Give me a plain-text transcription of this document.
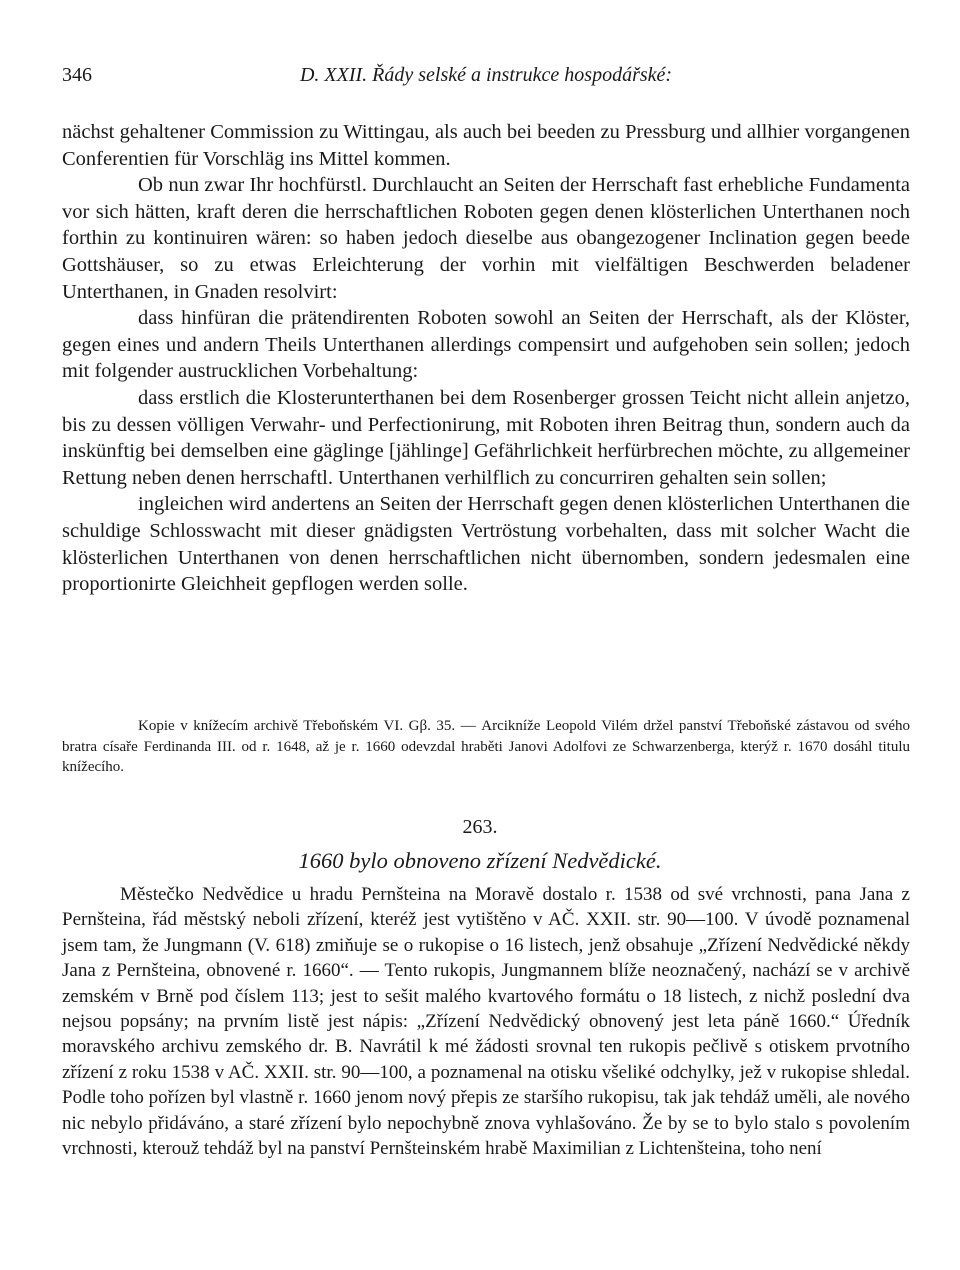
346	D. XXII. Řády selské a instrukce hospodářské:

nächst gehaltener Commission zu Wittingau, als auch bei beeden zu Pressburg und allhier vorgangenen Conferentien für Vorschläg ins Mittel kommen.

Ob nun zwar Ihr hochfürstl. Durchlaucht an Seiten der Herrschaft fast erhebliche Fundamenta vor sich hätten, kraft deren die herrschaftlichen Roboten gegen denen klösterlichen Unterthanen noch forthin zu kontinuiren wären: so haben jedoch dieselbe aus obangezogener Inclination gegen beede Gottshäuser, so zu etwas Erleichterung der vorhin mit vielfältigen Beschwerden beladener Unterthanen, in Gnaden resolvirt:

dass hinfüran die prätendirenten Roboten sowohl an Seiten der Herrschaft, als der Klöster, gegen eines und andern Theils Unterthanen allerdings compensirt und aufgehoben sein sollen; jedoch mit folgender austrucklichen Vorbehaltung:

dass erstlich die Klosterunterthanen bei dem Rosenberger grossen Teicht nicht allein anjetzo, bis zu dessen völligen Verwahr- und Perfectionirung, mit Roboten ihren Beitrag thun, sondern auch da inskünftig bei demselben eine gäglinge [jählinge] Gefährlichkeit herfürbrechen möchte, zu allgemeiner Rettung neben denen herrschaftl. Unterthanen verhilflich zu concurriren gehalten sein sollen;

ingleichen wird andertens an Seiten der Herrschaft gegen denen klösterlichen Unterthanen die schuldige Schlosswacht mit dieser gnädigsten Vertröstung vorbehalten, dass mit solcher Wacht die klösterlichen Unterthanen von denen herrschaftlichen nicht übernomben, sondern jedesmalen eine proportionirte Gleichheit gepflogen werden solle.

Kopie v knížecím archivě Třeboňském VI. Gβ. 35. — Arcikníže Leopold Vilém držel panství Třeboňské zástavou od svého bratra císaře Ferdinanda III. od r. 1648, až je r. 1660 odevzdal hraběti Janovi Adolfovi ze Schwarzenberga, kterýž r. 1670 dosáhl titulu knížecího.

263.
1660 bylo obnoveno zřízení Nedvědické.

Městečko Nedvědice u hradu Pernšteina na Moravě dostalo r. 1538 od své vrchnosti, pana Jana z Pernšteina, řád městský neboli zřízení, kteréž jest vytištěno v AČ. XXII. str. 90—100. V úvodě poznamenal jsem tam, že Jungmann (V. 618) zmiňuje se o rukopise o 16 listech, jenž obsahuje „Zřízení Nedvědické někdy Jana z Pernšteina, obnovené r. 1660“. — Tento rukopis, Jungmannem blíže neoznačený, nachází se v archivě zemském v Brně pod číslem 113; jest to sešit malého kvartového formátu o 18 listech, z nichž poslední dva nejsou popsány; na prvním listě jest nápis: „Zřízení Nedvědický obnovený jest leta páně 1660.“ Úředník moravského archivu zemského dr. B. Navrátil k mé žádosti srovnal ten rukopis pečlivě s otiskem prvotního zřízení z roku 1538 v AČ. XXII. str. 90—100, a poznamenal na otisku všeliké odchylky, jež v rukopise shledal. Podle toho pořízen byl vlastně r. 1660 jenom nový přepis ze staršího rukopisu, tak jak tehdáž uměli, ale nového nic nebylo přidáváno, a staré zřízení bylo nepochybně znova vyhlašováno. Že by se to bylo stalo s povolením vrchnosti, kterouž tehdáž byl na panství Pernšteinském hrabě Maximilian z Lichtenšteina, toho není
